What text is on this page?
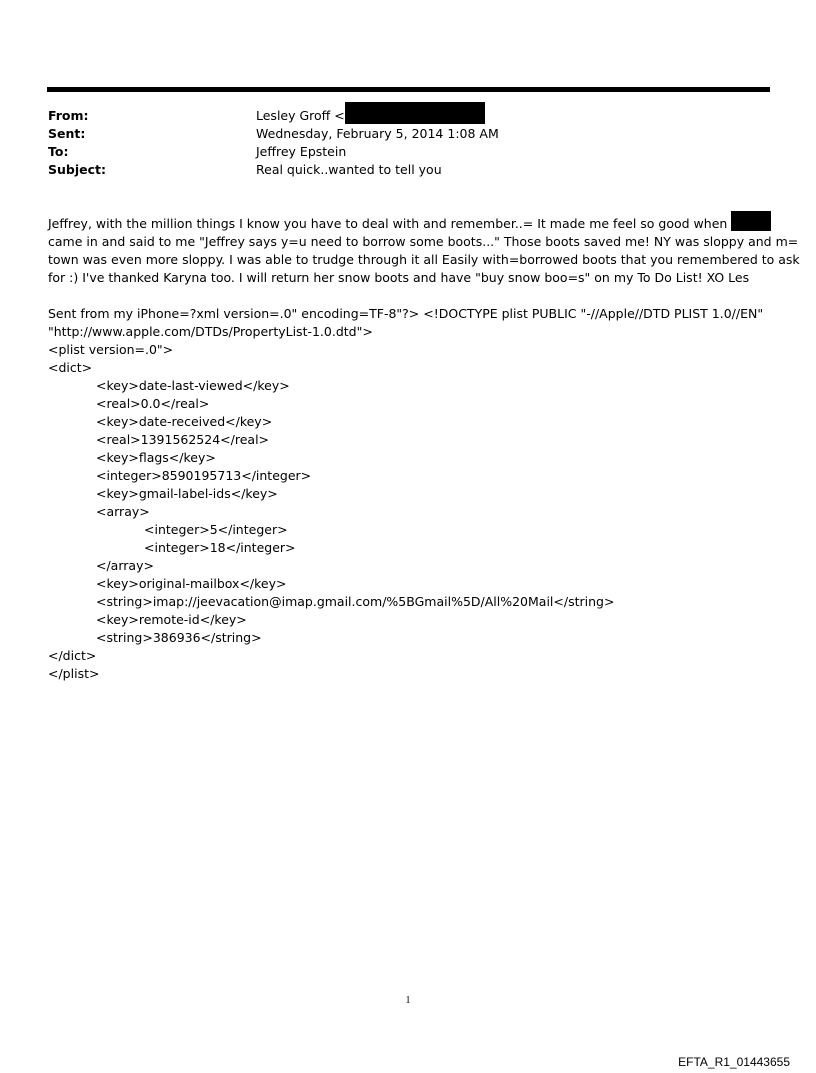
From:	Lesley Groff <
Sent:	Wednesday, February 5, 2014 1:08 AM
To:	Jeffrey Epstein
Subject:	Real quick..wanted to tell you
Jeffrey, with the million things I know you have to deal with and remember..= It made me feel so good when
came in and said to me "Jeffrey says y=u need to borrow some boots..." Those boots saved me! NY was sloppy and m=
town was even more sloppy. I was able to trudge through it all Easily with=borrowed boots that you remembered to ask
for :) I've thanked Karyna too. I will return her snow boots and have "buy snow boo=s" on my To Do List! XO Les
Sent from my iPhone=?xml version=.0" encoding=TF-8"?> <!DOCTYPE plist PUBLIC "-//Apple//DTD PLIST 1.0//EN"
"http://www.apple.com/DTDs/PropertyList-1.0.dtd">
<plist version=.0">
<dict>
<key>date-last-viewed</key>
<real>0.0</real>
<key>date-received</key>
<real>1391562524</real>
<key>flags</key>
<integer>8590195713</integer>
<key>gmail-label-ids</key>
<array>
<integer>5</integer>
<integer>18</integer>
</array>
<key>original-mailbox</key>
<string>imap://jeevacation@imap.gmail.com/%5BGmail%5D/All%20Mail</string>
<key>remote-id</key>
<string>386936</string>
</dict>
</plist>
1
EFTA_R1_01443655
